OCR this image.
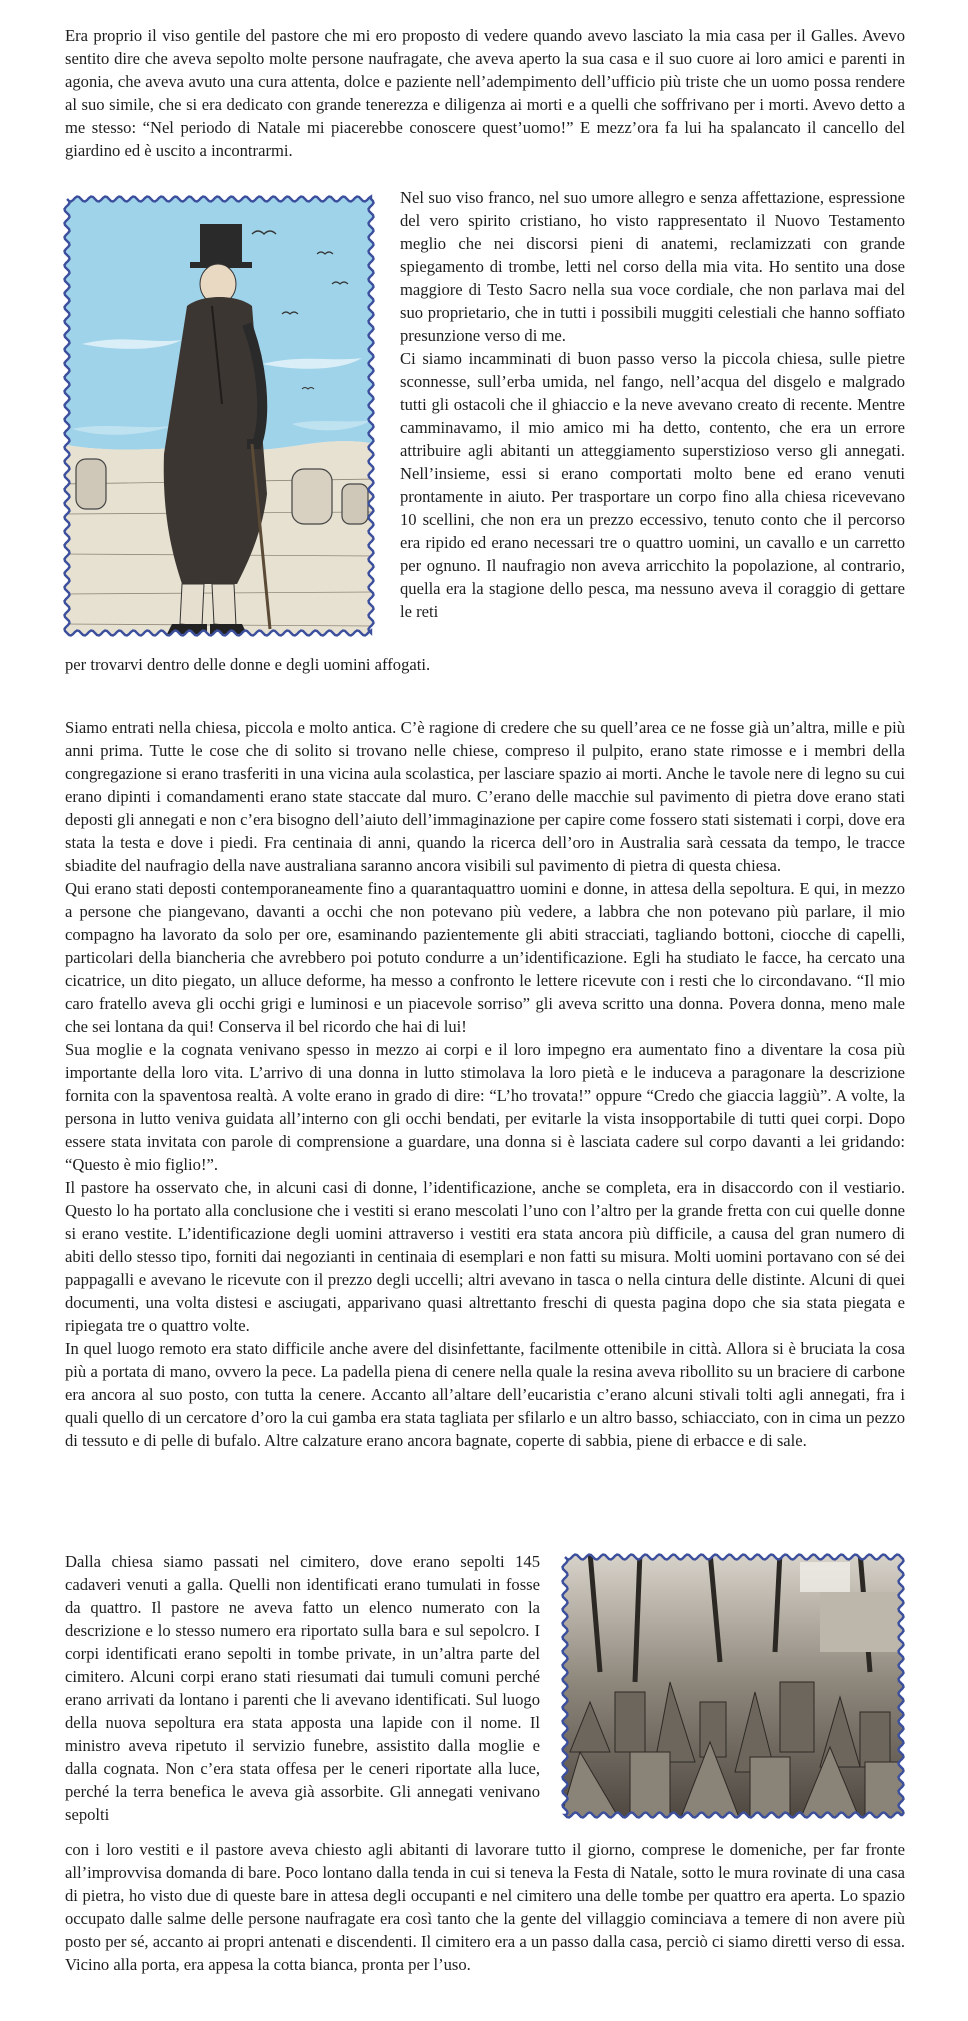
Era proprio il viso gentile del pastore che mi ero proposto di vedere quando avevo lasciato la mia casa per il Galles. Avevo sentito dire che aveva sepolto molte persone naufragate, che aveva aperto la sua casa e il suo cuore ai loro amici e parenti in agonia, che aveva avuto una cura attenta, dolce e paziente nell’adempimento dell’ufficio più triste che un uomo possa rendere al suo simile, che si era dedicato con grande tenerezza e diligenza ai morti e a quelli che soffrivano per i morti. Avevo detto a me stesso: “Nel periodo di Natale mi piacerebbe conoscere quest’uomo!” E mezz’ora fa lui ha spalancato il cancello del giardino ed è uscito a incontrarmi.

Nel suo viso franco, nel suo umore allegro e senza affettazione, espressione del vero spirito cristiano, ho visto rappresentato il Nuovo Testamento meglio che nei discorsi pieni di anatemi, reclamizzati con grande spiegamento di trombe, letti nel corso della mia vita. Ho sentito una dose maggiore di Testo Sacro nella sua voce cordiale, che non parlava mai del suo proprietario, che in tutti i possibili muggiti celestiali che hanno soffiato presunzione verso di me.

Ci siamo incamminati di buon passo verso la piccola chiesa, sulle pietre sconnesse, sull’erba umida, nel fango, nell’acqua del disgelo e malgrado tutti gli ostacoli che il ghiaccio e la neve avevano creato di recente. Mentre camminavamo, il mio amico mi ha detto, contento, che era un errore attribuire agli abitanti un atteggiamento superstizioso verso gli annegati. Nell’insieme, essi si erano comportati molto bene ed erano venuti prontamente in aiuto. Per trasportare un corpo fino alla chiesa ricevevano 10 scellini, che non era un prezzo eccessivo, tenuto conto che il percorso era ripido ed erano necessari tre o quattro uomini, un cavallo e un carretto per ognuno. Il naufragio non aveva arricchito la popolazione, al contrario, quella era la stagione dello pesca, ma nessuno aveva il coraggio di gettare le reti

per trovarvi dentro delle donne e degli uomini affogati.

Siamo entrati nella chiesa, piccola e molto antica. C’è ragione di credere che su quell’area ce ne fosse già un’altra, mille e più anni prima. Tutte le cose che di solito si trovano nelle chiese, compreso il pulpito, erano state rimosse e i membri della congregazione si erano trasferiti in una vicina aula scolastica, per lasciare spazio ai morti. Anche le tavole nere di legno su cui erano dipinti i comandamenti erano state staccate dal muro. C’erano delle macchie sul pavimento di pietra dove erano stati deposti gli annegati e non c’era bisogno dell’aiuto dell’immaginazione per capire come fossero stati sistemati i corpi, dove era stata la testa e dove i piedi. Fra centinaia di anni, quando la ricerca dell’oro in Australia sarà cessata da tempo, le tracce sbiadite del naufragio della nave australiana saranno ancora visibili sul pavimento di pietra di questa chiesa.

Qui erano stati deposti contemporaneamente fino a quarantaquattro uomini e donne, in attesa della sepoltura. E qui, in mezzo a persone che piangevano, davanti a occhi che non potevano più vedere, a labbra che non potevano più parlare, il mio compagno ha lavorato da solo per ore, esaminando pazientemente gli abiti stracciati, tagliando bottoni, ciocche di capelli, particolari della biancheria che avrebbero poi potuto condurre a un’identificazione. Egli ha studiato le facce, ha cercato una cicatrice, un dito piegato, un alluce deforme, ha messo a confronto le lettere ricevute con i resti che lo circondavano. “Il mio caro fratello aveva gli occhi grigi e luminosi e un piacevole sorriso” gli aveva scritto una donna. Povera donna, meno male che sei lontana da qui! Conserva il bel ricordo che hai di lui!

Sua moglie e la cognata venivano spesso in mezzo ai corpi e il loro impegno era aumentato fino a diventare la cosa più importante della loro vita. L’arrivo di una donna in lutto stimolava la loro pietà e le induceva a paragonare la descrizione fornita con la spaventosa realtà. A volte erano in grado di dire: “L’ho trovata!” oppure “Credo che giaccia laggiù”. A volte, la persona in lutto veniva guidata all’interno con gli occhi bendati, per evitarle la vista insopportabile di tutti quei corpi. Dopo essere stata invitata con parole di comprensione a guardare, una donna si è lasciata cadere sul corpo davanti a lei gridando: “Questo è mio figlio!”.

Il pastore ha osservato che, in alcuni casi di donne, l’identificazione, anche se completa, era in disaccordo con il vestiario. Questo lo ha portato alla conclusione che i vestiti si erano mescolati l’uno con l’altro per la grande fretta con cui quelle donne si erano vestite. L’identificazione degli uomini attraverso i vestiti era stata ancora più difficile, a causa del gran numero di abiti dello stesso tipo, forniti dai negozianti in centinaia di esemplari e non fatti su misura. Molti uomini portavano con sé dei pappagalli e avevano le ricevute con il prezzo degli uccelli; altri avevano in tasca o nella cintura delle distinte. Alcuni di quei documenti, una volta distesi e asciugati, apparivano quasi altrettanto freschi di questa pagina dopo che sia stata piegata e ripiegata tre o quattro volte.

In quel luogo remoto era stato difficile anche avere del disinfettante, facilmente ottenibile in città. Allora si è bruciata la cosa più a portata di mano, ovvero la pece. La padella piena di cenere nella quale la resina aveva ribollito su un braciere di carbone era ancora al suo posto, con tutta la cenere. Accanto all’altare dell’eucaristia c’erano alcuni stivali tolti agli annegati, fra i quali quello di un cercatore d’oro la cui gamba era stata tagliata per sfilarlo e un altro basso, schiacciato, con in cima un pezzo di tessuto e di pelle di bufalo. Altre calzature erano ancora bagnate, coperte di sabbia, piene di erbacce e di sale.

Dalla chiesa siamo passati nel cimitero, dove erano sepolti 145 cadaveri venuti a galla. Quelli non identificati erano tumulati in fosse da quattro. Il pastore ne aveva fatto un elenco numerato con la descrizione e lo stesso numero era riportato sulla bara e sul sepolcro. I corpi identificati erano sepolti in tombe private, in un’altra parte del cimitero. Alcuni corpi erano stati riesumati dai tumuli comuni perché erano arrivati da lontano i parenti che li avevano identificati. Sul luogo della nuova sepoltura era stata apposta una lapide con il nome. Il ministro aveva ripetuto il servizio funebre, assistito dalla moglie e dalla cognata. Non c’era stata offesa per le ceneri riportate alla luce, perché la terra benefica le aveva già assorbite. Gli annegati venivano sepolti

con i loro vestiti e il pastore aveva chiesto agli abitanti di lavorare tutto il giorno, comprese le domeniche, per far fronte all’improvvisa domanda di bare. Poco lontano dalla tenda in cui si teneva la Festa di Natale, sotto le mura rovinate di una casa di pietra, ho visto due di queste bare in attesa degli occupanti e nel cimitero una delle tombe per quattro era aperta. Lo spazio occupato dalle salme delle persone naufragate era così tanto che la gente del villaggio cominciava a temere di non avere più posto per sé, accanto ai propri antenati e discendenti. Il cimitero era a un passo dalla casa, perciò ci siamo diretti verso di essa. Vicino alla porta, era appesa la cotta bianca, pronta per l’uso.
